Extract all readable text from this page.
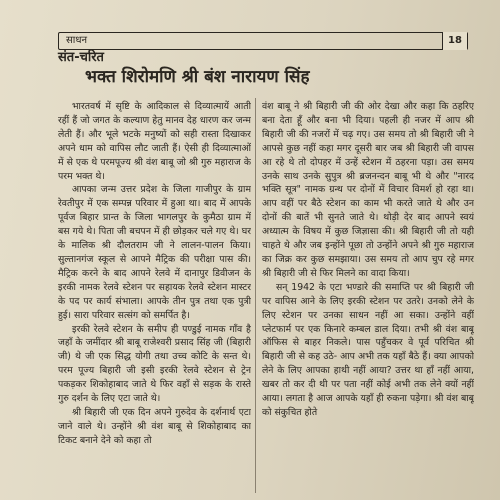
साधन	18
संत-चरित
भक्त शिरोमणि श्री बंश नारायण सिंह

भारतवर्ष में सृष्टि के आदिकाल से दिव्यात्मायें आती रहीं हैं जो जगत के कल्याण हेतु मानव देह धारण कर जन्म लेती हैं। और भूले भटके मनुष्यों को सही रास्ता दिखाकर अपने धाम को वापिस लौट जाती हैं। ऐसी ही दिव्यात्माओं में से एक थे परमपूज्य श्री वंश बाबू जो श्री गुरु महाराज के परम भक्त थे।

आपका जन्म उत्तर प्रदेश के जिला गाजीपुर के ग्राम रेवतीपुर में एक सम्पन्न परिवार में हुआ था। बाद में आपके पूर्वज बिहार प्रान्त के जिला भागलपुर के कुमैठा ग्राम में बस गये थे। पिता जी बचपन में ही छोड़कर चले गए थे। घर के मालिक श्री दौलतराम जी ने लालन-पालन किया। सुल्तानगंज स्कूल से आपने मैट्रिक की परीक्षा पास की। मैट्रिक करने के बाद आपने रेलवे में दानापुर डिवीजन के इरकी नामक रेलवे स्टेशन पर सहायक रेलवे स्टेशन मास्टर के पद पर कार्य संभाला। आपके तीन पुत्र तथा एक पुत्री हुई। सारा परिवार सत्संग को समर्पित है।

इरकी रेलवे स्टेशन के समीप ही पण्डुई नामक गाँव है जहाँ के जमींदार श्री बाबू राजेश्वरी प्रसाद सिंह जी (बिहारी जी) थे जी एक सिद्ध योगी तथा उच्च कोटि के सन्त थे। परम पूज्य बिहारी जी इसी इरकी रेलवे स्टेशन से ट्रेन पकड़कर शिकोहाबाद जाते थे फिर वहाँ से सड़क के रास्ते गुरु दर्शन के लिए एटा जाते थे।

श्री बिहारी जी एक दिन अपने गुरुदेव के दर्शनार्थ एटा जाने वाले थे। उन्होंने श्री वंश बाबू से शिकोहाबाद का टिकट बनाने देने को कहा तो

वंश बाबू ने श्री बिहारी जी की ओर देखा और कहा कि ठहरिए बना देता हूँ और बना भी दिया। पहली ही नजर में आप श्री बिहारी जी की नजरों में चढ़ गए। उस समय तो श्री बिहारी जी ने आपसे कुछ नहीं कहा मगर दूसरी बार जब श्री बिहारी जी वापस आ रहे थे तो दोपहर में उन्हें स्टेशन में ठहरना पड़ा। उस समय उनके साथ उनके सुपुत्र श्री ब्रजनन्दन बाबू भी थे और "नारद भक्ति सूत्र" नामक ग्रन्थ पर दोनों में विचार विमर्श हो रहा था। आप वहीं पर बैठे स्टेशन का काम भी करते जाते थे और उन दोनों की बातें भी सुनते जाते थे। थोड़ी देर बाद आपने स्वयं अध्यात्म के विषय में कुछ जिज्ञासा की। श्री बिहारी जी तो यही चाहते थे और जब इन्होंने पूछा तो उन्होंने अपने श्री गुरु महाराज का जिक्र कर कुछ समझाया। उस समय तो आप चुप रहे मगर श्री बिहारी जी से फिर मिलने का वादा किया।

सन् 1942 के एटा भण्डारे की समाप्ति पर श्री बिहारी जी पर वापिस आने के लिए इरकी स्टेशन पर उतरे। उनको लेने के लिए स्टेशन पर उनका साधन नहीं आ सका। उन्होंने वहीं प्लेटफार्म पर एक किनारे कम्बल डाल दिया। तभी श्री वंश बाबू ऑफिस से बाहर निकले। पास पहुँचकर वे पूर्व परिचित श्री बिहारी जी से कह उठे- आप अभी तक यहाँ बैठे हैं। क्या आपको लेने के लिए आपका हाथी नहीं आया? उत्तर था हाँ नहीं आया, खबर तो कर दी थी पर पता नहीं कोई अभी तक लेने क्यों नहीं आया। लगता है आज आपके यहाँ ही रुकना पड़ेगा। श्री वंश बाबू को संकुचित होते
